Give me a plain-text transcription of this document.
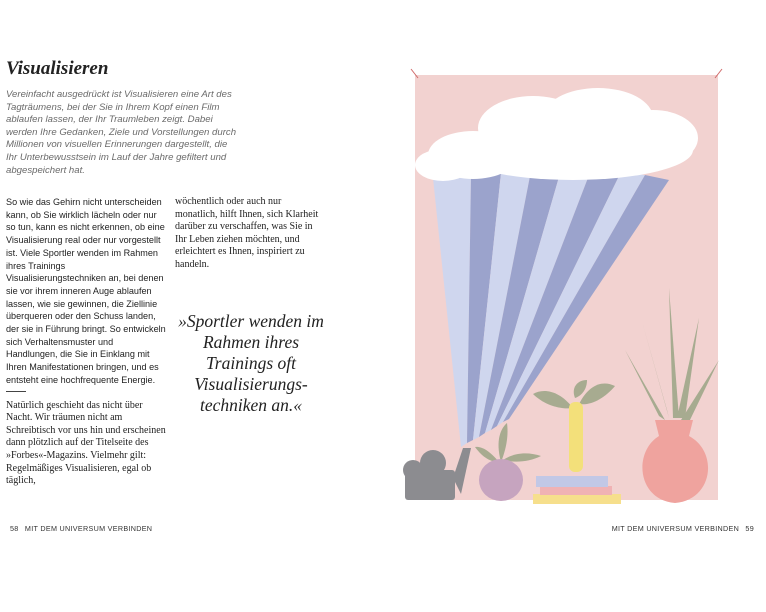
Visualisieren

Vereinfacht ausgedrückt ist Visualisieren eine Art des Tagträumens, bei der Sie in Ihrem Kopf einen Film ablaufen lassen, der Ihr Traumleben zeigt. Dabei werden Ihre Gedanken, Ziele und Vorstellungen durch Millionen von visuellen Erinnerungen dargestellt, die Ihr Unterbewusstsein im Lauf der Jahre gefiltert und abgespeichert hat.

So wie das Gehirn nicht unterscheiden kann, ob Sie wirklich lächeln oder nur so tun, kann es nicht erkennen, ob eine Visualisierung real oder nur vorgestellt ist. Viele Sportler wenden im Rahmen ihres Trainings Visualisierungstechniken an, bei denen sie vor ihrem inneren Auge ablaufen lassen, wie sie gewinnen, die Ziellinie überqueren oder den Schuss landen, der sie in Führung bringt. So entwickeln sich Verhaltensmuster und Handlungen, die Sie in Einklang mit Ihren Manifestationen bringen, und es entsteht eine hochfrequente Energie.

Natürlich geschieht das nicht über Nacht. Wir träumen nicht am Schreibtisch vor uns hin und erscheinen dann plötzlich auf der Titelseite des »Forbes«-Magazins. Vielmehr gilt: Regelmäßiges Visualisieren, egal ob täglich,

wöchentlich oder auch nur monatlich, hilft Ihnen, sich Klarheit darüber zu verschaffen, was Sie in Ihr Leben ziehen möchten, und erleichtert es Ihnen, inspiriert zu handeln.

»Sportler wenden im Rahmen ihres Trainings oft Visualisierungs-techniken an.«

58 MIT DEM UNIVERSUM VERBINDEN	MIT DEM UNIVERSUM VERBINDEN 59
